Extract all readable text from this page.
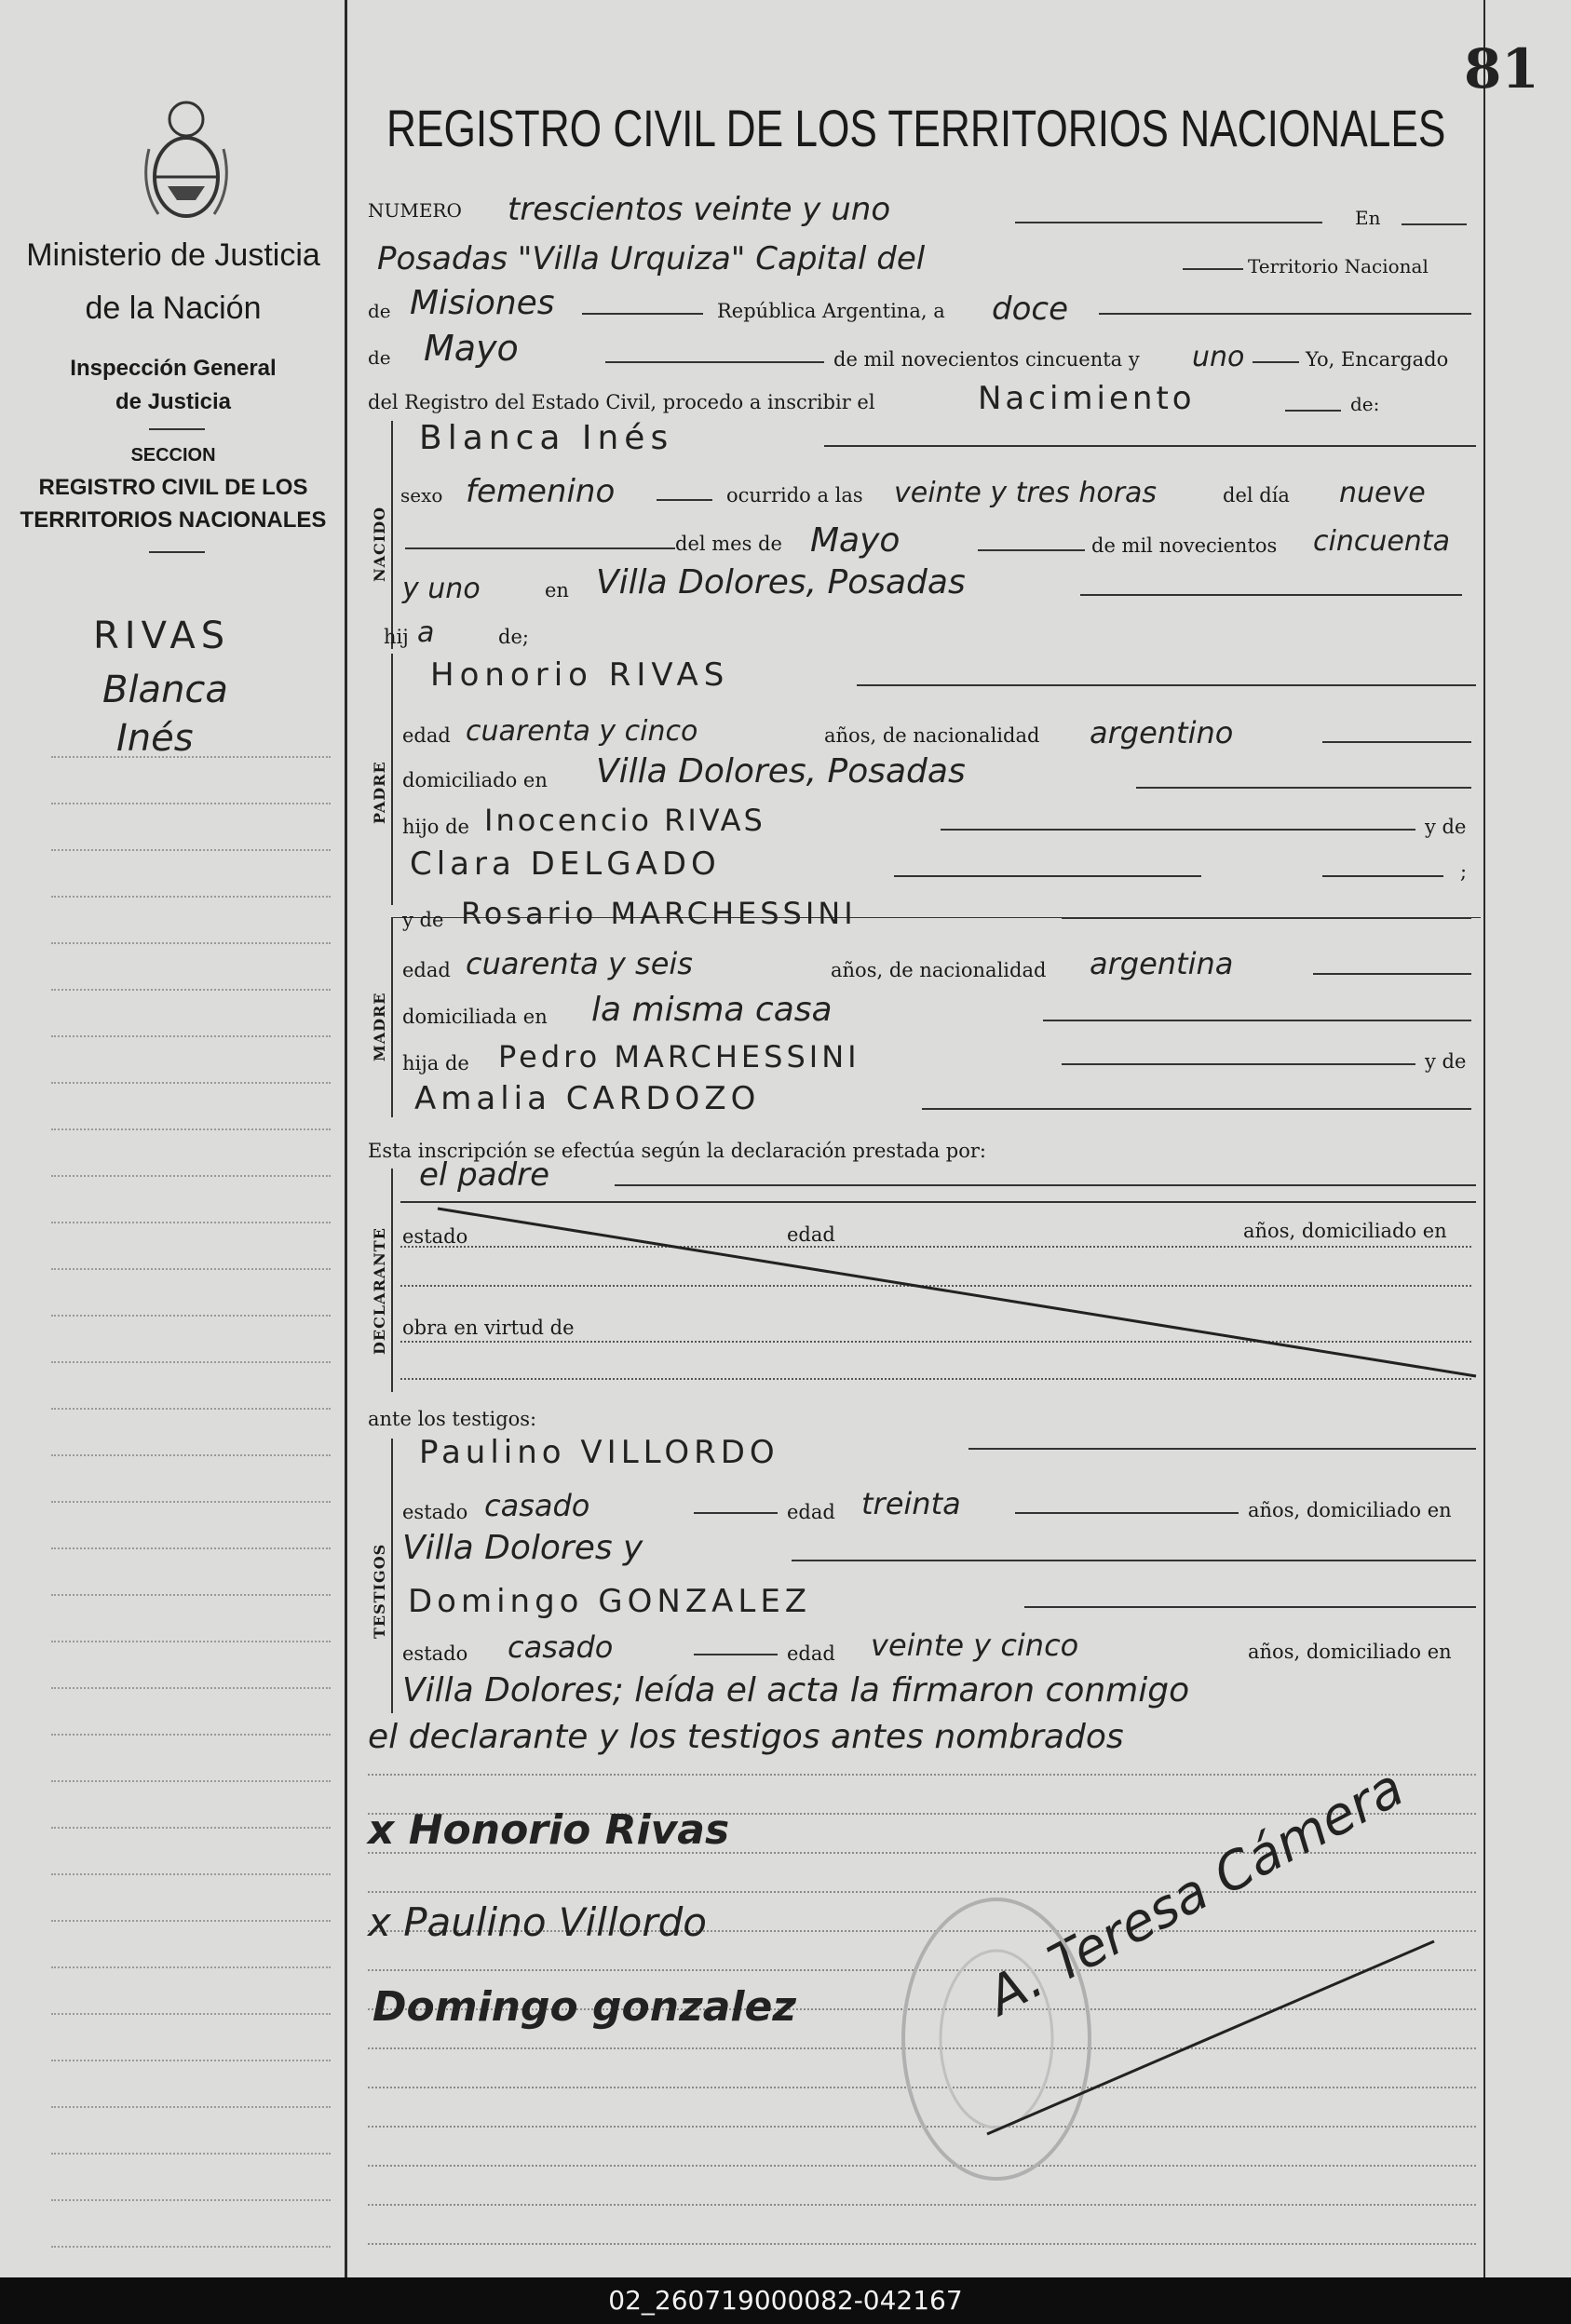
Ministerio de Justicia
de la Nación
Inspección General
de Justicia
SECCION
REGISTRO CIVIL DE LOS
TERRITORIOS NACIONALES
RIVAS
Blanca
Inés
81
REGISTRO CIVIL DE LOS TERRITORIOS NACIONALES
NUMERO trescientos veinte y uno	En
Posadas "Villa Urquiza" Capital del	Territorio Nacional
de Misiones	República Argentina, a doce
de Mayo	de mil novecientos cincuenta y uno	Yo, Encargado
del Registro del Estado Civil, procedo a inscribir el	Nacimiento	de:
NACIDO
Blanca Inés
sexo femenino	ocurrido a las veinte y tres horas	del día nueve
del mes de Mayo	de mil novecientos cincuenta
y uno	en Villa Dolores, Posadas
hij a	de;
PADRE
Honorio RIVAS
edad cuarenta y cinco	años, de nacionalidad argentino
domiciliado en Villa Dolores, Posadas
hijo de Inocencio RIVAS	y de
Clara DELGADO	;
MADRE
y de Rosario MARCHESSINI
edad cuarenta y seis	años, de nacionalidad argentina
domiciliada en la misma casa
hija de Pedro MARCHESSINI	y de
Amalia CARDOZO
Esta inscripción se efectúa según la declaración prestada por:
DECLARANTE
el padre
estado	edad	años, domiciliado en
obra en virtud de
ante los testigos:
TESTIGOS
Paulino VILLORDO
estado casado	edad treinta	años, domiciliado en
Villa Dolores y
Domingo GONZALEZ
estado casado	edad veinte y cinco	años, domiciliado en
Villa Dolores; leída el acta la firmaron conmigo
el declarante y los testigos antes nombrados
x Honorio Rivas
x Paulino Villordo
Domingo gonzalez	A. Teresa Cámera
02_260719000082-042167
